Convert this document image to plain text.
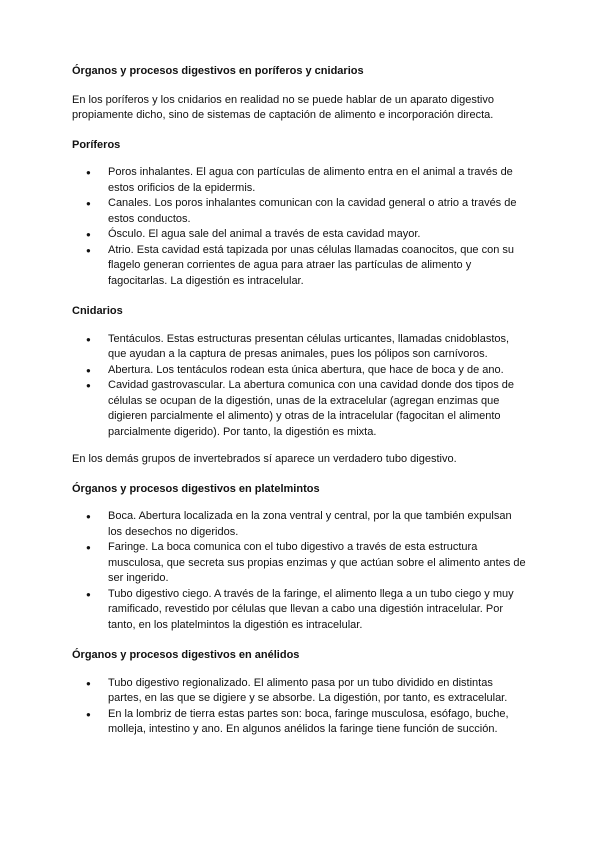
Órganos y procesos digestivos en poríferos y cnidarios

En los poríferos y los cnidarios en realidad no se puede hablar de un aparato digestivo propiamente dicho, sino de sistemas de captación de alimento e incorporación directa.

Poríferos
● Poros inhalantes. El agua con partículas de alimento entra en el animal a través de estos orificios de la epidermis.
● Canales. Los poros inhalantes comunican con la cavidad general o atrio a través de estos conductos.
● Ósculo. El agua sale del animal a través de esta cavidad mayor.
● Atrio. Esta cavidad está tapizada por unas células llamadas coanocitos, que con su flagelo generan corrientes de agua para atraer las partículas de alimento y fagocitarlas. La digestión es intracelular.
Cnidarios
● Tentáculos. Estas estructuras presentan células urticantes, llamadas cnidoblastos, que ayudan a la captura de presas animales, pues los pólipos son carnívoros.
● Abertura. Los tentáculos rodean esta única abertura, que hace de boca y de ano.
● Cavidad gastrovascular. La abertura comunica con una cavidad donde dos tipos de células se ocupan de la digestión, unas de la extracelular (agregan enzimas que digieren parcialmente el alimento) y otras de la intracelular (fagocitan el alimento parcialmente digerido). Por tanto, la digestión es mixta.

En los demás grupos de invertebrados sí aparece un verdadero tubo digestivo.

Órganos y procesos digestivos en platelmintos
● Boca. Abertura localizada en la zona ventral y central, por la que también expulsan los desechos no digeridos.
● Faringe. La boca comunica con el tubo digestivo a través de esta estructura musculosa, que secreta sus propias enzimas y que actúan sobre el alimento antes de ser ingerido.
● Tubo digestivo ciego. A través de la faringe, el alimento llega a un tubo ciego y muy ramificado, revestido por células que llevan a cabo una digestión intracelular. Por tanto, en los platelmintos la digestión es intracelular.
Órganos y procesos digestivos en anélidos
● Tubo digestivo regionalizado. El alimento pasa por un tubo dividido en distintas partes, en las que se digiere y se absorbe. La digestión, por tanto, es extracelular.
● En la lombriz de tierra estas partes son: boca, faringe musculosa, esófago, buche, molleja, intestino y ano. En algunos anélidos la faringe tiene función de succión.
